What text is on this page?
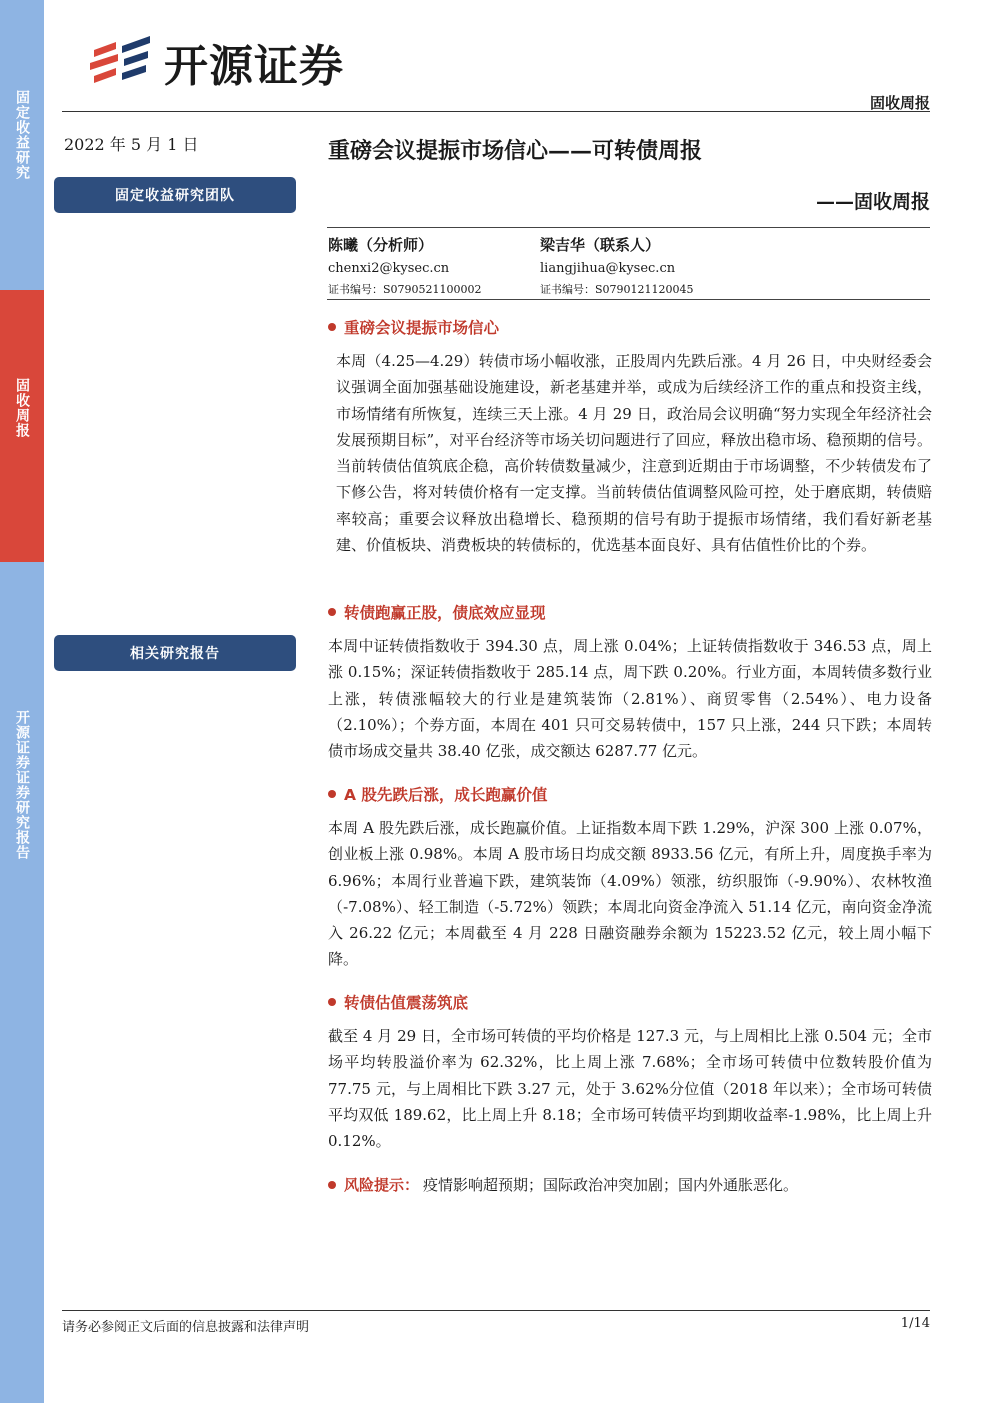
固定收益研究
固收周报
开源证券证券研究报告
开源证券
固收周报
2022 年 5 月 1 日
固定收益研究团队
相关研究报告
重磅会议提振市场信心——可转债周报
——固收周报
陈曦（分析师）
chenxi2@kysec.cn
证书编号：S0790521100002
梁吉华（联系人）
liangjihua@kysec.cn
证书编号：S0790121120045
重磅会议提振市场信心
本周（4.25—4.29）转债市场小幅收涨，正股周内先跌后涨。4 月 26 日，中央财经委会议强调全面加强基础设施建设，新老基建并举，或成为后续经济工作的重点和投资主线，市场情绪有所恢复，连续三天上涨。4 月 29 日，政治局会议明确“努力实现全年经济社会发展预期目标”，对平台经济等市场关切问题进行了回应，释放出稳市场、稳预期的信号。当前转债估值筑底企稳，高价转债数量减少，注意到近期由于市场调整，不少转债发布了下修公告，将对转债价格有一定支撑。当前转债估值调整风险可控，处于磨底期，转债赔率较高；重要会议释放出稳增长、稳预期的信号有助于提振市场情绪，我们看好新老基建、价值板块、消费板块的转债标的，优选基本面良好、具有估值性价比的个券。
转债跑赢正股，债底效应显现
本周中证转债指数收于 394.30 点，周上涨 0.04%；上证转债指数收于 346.53 点，周上涨 0.15%；深证转债指数收于 285.14 点，周下跌 0.20%。行业方面，本周转债多数行业上涨，转债涨幅较大的行业是建筑装饰（2.81%）、商贸零售（2.54%）、电力设备（2.10%）；个券方面，本周在 401 只可交易转债中，157 只上涨，244 只下跌；本周转债市场成交量共 38.40 亿张，成交额达 6287.77 亿元。
A 股先跌后涨，成长跑赢价值
本周 A 股先跌后涨，成长跑赢价值。上证指数本周下跌 1.29%，沪深 300 上涨 0.07%，创业板上涨 0.98%。本周 A 股市场日均成交额 8933.56 亿元，有所上升，周度换手率为 6.96%；本周行业普遍下跌，建筑装饰（4.09%）领涨，纺织服饰（-9.90%）、农林牧渔（-7.08%）、轻工制造（-5.72%）领跌；本周北向资金净流入 51.14 亿元，南向资金净流入 26.22 亿元；本周截至 4 月 228 日融资融券余额为 15223.52 亿元，较上周小幅下降。
转债估值震荡筑底
截至 4 月 29 日，全市场可转债的平均价格是 127.3 元，与上周相比上涨 0.504 元；全市场平均转股溢价率为 62.32%，比上周上涨 7.68%；全市场可转债中位数转股价值为 77.75 元，与上周相比下跌 3.27 元，处于 3.62%分位值（2018 年以来）；全市场可转债平均双低 189.62，比上周上升 8.18；全市场可转债平均到期收益率-1.98%，比上周上升 0.12%。
风险提示： 疫情影响超预期；国际政治冲突加剧；国内外通胀恶化。
请务必参阅正文后面的信息披露和法律声明	1/14
